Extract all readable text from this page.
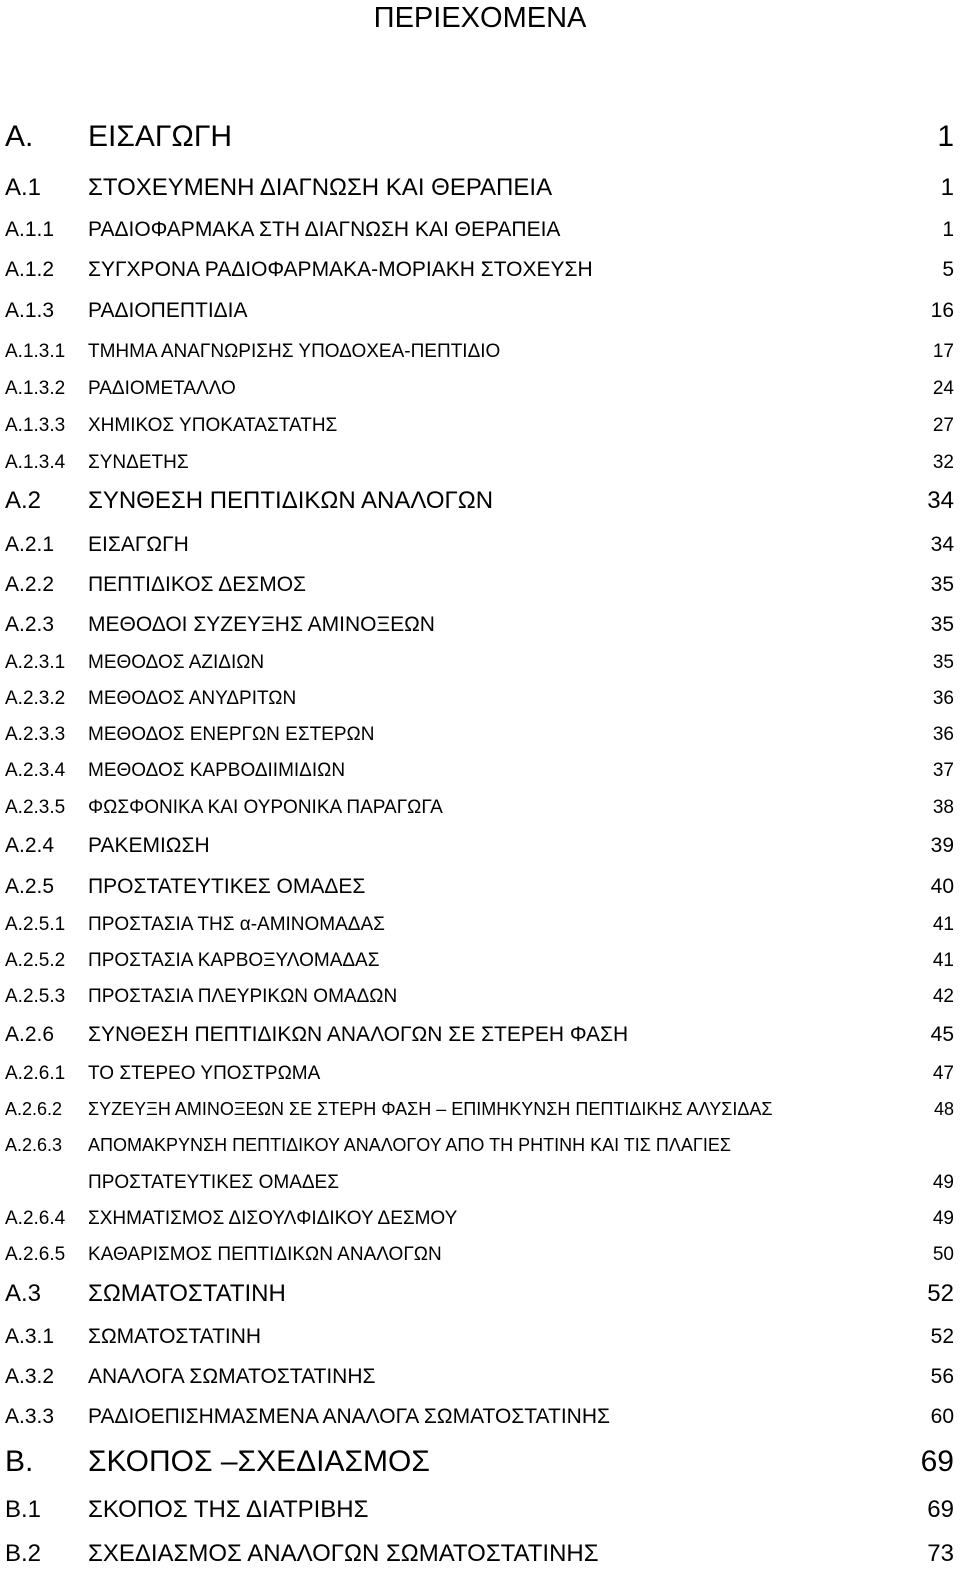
ΠΕΡΙΕΧΟΜΕΝΑ
Α. ΕΙΣΑΓΩΓΗ	1
Α.1 ΣΤΟΧΕΥΜΕΝΗ ΔΙΑΓΝΩΣΗ ΚΑΙ ΘΕΡΑΠΕΙΑ	1
Α.1.1 ΡΑΔΙΟΦΑΡΜΑΚΑ ΣΤΗ ΔΙΑΓΝΩΣΗ ΚΑΙ ΘΕΡΑΠΕΙΑ	1
Α.1.2 ΣΥΓΧΡΟΝΑ ΡΑΔΙΟΦΑΡΜΑΚΑ-ΜΟΡΙΑΚΗ ΣΤΟΧΕΥΣΗ	5
Α.1.3 ΡΑΔΙΟΠΕΠΤΙΔΙΑ	16
Α.1.3.1 ΤΜΗΜΑ ΑΝΑΓΝΩΡΙΣΗΣ ΥΠΟΔΟΧΕΑ-ΠΕΠΤΙΔΙΟ	17
Α.1.3.2 ΡΑΔΙΟΜΕΤΑΛΛΟ	24
Α.1.3.3 ΧΗΜΙΚΟΣ ΥΠΟΚΑΤΑΣΤΑΤΗΣ	27
Α.1.3.4 ΣΥΝΔΕΤΗΣ	32
Α.2 ΣΥΝΘΕΣΗ ΠΕΠΤΙΔΙΚΩΝ ΑΝΑΛΟΓΩΝ	34
Α.2.1 ΕΙΣΑΓΩΓΗ	34
Α.2.2 ΠΕΠΤΙΔΙΚΟΣ ΔΕΣΜΟΣ	35
Α.2.3 ΜΕΘΟΔΟΙ ΣΥΖΕΥΞΗΣ ΑΜΙΝΟΞΕΩΝ	35
Α.2.3.1 ΜΕΘΟΔΟΣ ΑΖΙΔΙΩΝ	35
Α.2.3.2 ΜΕΘΟΔΟΣ ΑΝΥΔΡΙΤΩΝ	36
Α.2.3.3 ΜΕΘΟΔΟΣ ΕΝΕΡΓΩΝ ΕΣΤΕΡΩΝ	36
Α.2.3.4 ΜΕΘΟΔΟΣ ΚΑΡΒΟΔΙΙΜΙΔΙΩΝ	37
Α.2.3.5 ΦΩΣΦΟΝΙΚΑ ΚΑΙ ΟΥΡΟΝΙΚΑ ΠΑΡΑΓΩΓΑ	38
Α.2.4 ΡΑΚΕΜΙΩΣΗ	39
Α.2.5 ΠΡΟΣΤΑΤΕΥΤΙΚΕΣ ΟΜΑΔΕΣ	40
Α.2.5.1 ΠΡΟΣΤΑΣΙΑ ΤΗΣ α-ΑΜΙΝΟΜΑΔΑΣ	41
Α.2.5.2 ΠΡΟΣΤΑΣΙΑ ΚΑΡΒΟΞΥΛΟΜΑΔΑΣ	41
Α.2.5.3 ΠΡΟΣΤΑΣΙΑ ΠΛΕΥΡΙΚΩΝ ΟΜΑΔΩΝ	42
Α.2.6 ΣΥΝΘΕΣΗ ΠΕΠΤΙΔΙΚΩΝ ΑΝΑΛΟΓΩΝ ΣΕ ΣΤΕΡΕΗ ΦΑΣΗ	45
Α.2.6.1 ΤΟ ΣΤΕΡΕΟ ΥΠΟΣΤΡΩΜΑ	47
Α.2.6.2 ΣΥΖΕΥΞΗ ΑΜΙΝΟΞΕΩΝ ΣΕ ΣΤΕΡΗ ΦΑΣΗ – ΕΠΙΜΗΚΥΝΣΗ ΠΕΠΤΙΔΙΚΗΣ ΑΛΥΣΙΔΑΣ	48
Α.2.6.3 ΑΠΟΜΑΚΡΥΝΣΗ ΠΕΠΤΙΔΙΚΟΥ ΑΝΑΛΟΓΟΥ ΑΠΟ ΤΗ ΡΗΤΙΝΗ ΚΑΙ ΤΙΣ ΠΛΑΓΙΕΣ
ΠΡΟΣΤΑΤΕΥΤΙΚΕΣ ΟΜΑΔΕΣ	49
Α.2.6.4 ΣΧΗΜΑΤΙΣΜΟΣ ΔΙΣΟΥΛΦΙΔΙΚΟΥ ΔΕΣΜΟΥ	49
Α.2.6.5 ΚΑΘΑΡΙΣΜΟΣ ΠΕΠΤΙΔΙΚΩΝ ΑΝΑΛΟΓΩΝ	50
Α.3 ΣΩΜΑΤΟΣΤΑΤΙΝΗ	52
Α.3.1 ΣΩΜΑΤΟΣΤΑΤΙΝΗ	52
Α.3.2 ΑΝΑΛΟΓΑ ΣΩΜΑΤΟΣΤΑΤΙΝΗΣ	56
Α.3.3 ΡΑΔΙΟΕΠΙΣΗΜΑΣΜΕΝΑ ΑΝΑΛΟΓΑ ΣΩΜΑΤΟΣΤΑΤΙΝΗΣ	60
Β. ΣΚΟΠΟΣ –ΣΧΕΔΙΑΣΜΟΣ	69
Β.1 ΣΚΟΠΟΣ ΤΗΣ ΔΙΑΤΡΙΒΗΣ	69
Β.2 ΣΧΕΔΙΑΣΜΟΣ ΑΝΑΛΟΓΩΝ ΣΩΜΑΤΟΣΤΑΤΙΝΗΣ	73
